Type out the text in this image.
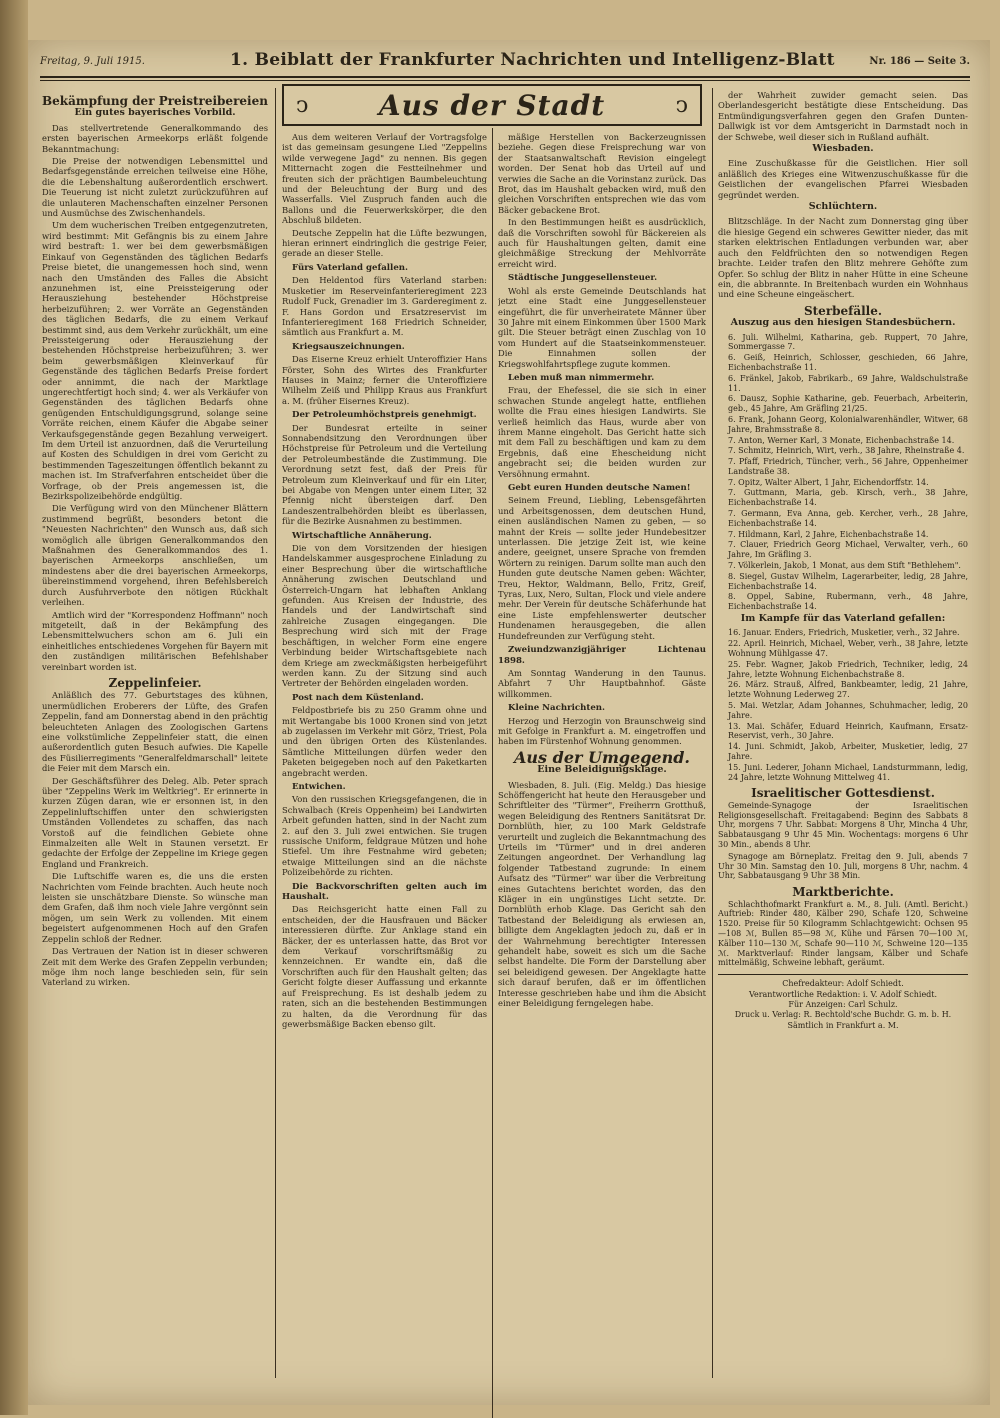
Freitag, 9. Juli 1915.	1. Beiblatt der Frankfurter Nachrichten und Intelligenz-Blatt	Nr. 186 — Seite 3.
ↄ	Aus der Stadt	ↄ
Bekämpfung der Preistreibereien
Ein gutes bayerisches Vorbild.

Das stellvertretende Generalkommando des ersten bayerischen Armeekorps erläßt folgende Bekanntmachung:

Die Preise der notwendigen Lebensmittel und Bedarfsgegenstände erreichen teilweise eine Höhe, die die Lebenshaltung außerordentlich erschwert. Die Teuerung ist nicht zuletzt zurückzuführen auf die unlauteren Machenschaften einzelner Personen und Ausmüchse des Zwischenhandels.

Um dem wucherischen Treiben entgegenzutreten, wird bestimmt: Mit Gefängnis bis zu einem Jahre wird bestraft: 1. wer bei dem gewerbsmäßigen Einkauf von Gegenständen des täglichen Bedarfs Preise bietet, die unangemessen hoch sind, wenn nach den Umständen des Falles die Absicht anzunehmen ist, eine Preissteigerung oder Herausziehung bestehender Höchstpreise herbeizuführen; 2. wer Vorräte an Gegenständen des täglichen Bedarfs, die zu einem Verkauf bestimmt sind, aus dem Verkehr zurückhält, um eine Preissteigerung oder Herausziehung der bestehenden Höchstpreise herbeizuführen; 3. wer beim gewerbsmäßigen Kleinverkauf für Gegenstände des täglichen Bedarfs Preise fordert oder annimmt, die nach der Marktlage ungerechtfertigt hoch sind; 4. wer als Verkäufer von Gegenständen des täglichen Bedarfs ohne genügenden Entschuldigungsgrund, solange seine Vorräte reichen, einem Käufer die Abgabe seiner Verkaufsgegenstände gegen Bezahlung verweigert. Im dem Urteil ist anzuordnen, daß die Verurteilung auf Kosten des Schuldigen in drei vom Gericht zu bestimmenden Tageszeitungen öffentlich bekannt zu machen ist. Im Strafverfahren entscheidet über die Vorfrage, ob der Preis angemessen ist, die Bezirkspolizeibehörde endgültig.

Die Verfügung wird von den Münchener Blättern zustimmend begrüßt, besonders betont die "Neuesten Nachrichten" den Wunsch aus, daß sich womöglich alle übrigen Generalkommandos den Maßnahmen des Generalkommandos des 1. bayerischen Armeekorps anschließen, um mindestens aber die drei bayerischen Armeekorps, übereinstimmend vorgehend, ihren Befehlsbereich durch Ausfuhrverbote den nötigen Rückhalt verleihen.

Amtlich wird der "Korrespondenz Hoffmann" noch mitgeteilt, daß in der Bekämpfung des Lebensmittelwuchers schon am 6. Juli ein einheitliches entschiedenes Vorgehen für Bayern mit den zuständigen militärischen Befehlshaber vereinbart worden ist.

Zeppelinfeier.

Anläßlich des 77. Geburtstages des kühnen, unermüdlichen Eroberers der Lüfte, des Grafen Zeppelin, fand am Donnerstag abend in den prächtig beleuchteten Anlagen des Zoologischen Gartens eine volkstümliche Zeppelinfeier statt, die einen außerordentlich guten Besuch aufwies. Die Kapelle des Füsilierregiments "Generalfeldmarschall" leitete die Feier mit dem Marsch ein.

Der Geschäftsführer des Deleg. Alb. Peter sprach über "Zeppelins Werk im Weltkrieg". Er erinnerte in kurzen Zügen daran, wie er ersonnen ist, in den Zeppelinluftschiffen unter den schwierigsten Umständen Vollendetes zu schaffen, das nach Vorstoß auf die feindlichen Gebiete ohne Einmalzeiten alle Welt in Staunen versetzt. Er gedachte der Erfolge der Zeppeline im Kriege gegen England und Frankreich.

Die Luftschiffe waren es, die uns die ersten Nachrichten vom Feinde brachten. Auch heute noch leisten sie unschätzbare Dienste. So wünsche man dem Grafen, daß ihm noch viele Jahre vergönnt sein mögen, um sein Werk zu vollenden. Mit einem begeistert aufgenommenen Hoch auf den Grafen Zeppelin schloß der Redner.

Das Vertrauen der Nation ist in dieser schweren Zeit mit dem Werke des Grafen Zeppelin verbunden; möge ihm noch lange beschieden sein, für sein Vaterland zu wirken.

Aus dem weiteren Verlauf der Vortragsfolge ist das gemeinsam gesungene Lied "Zeppelins wilde verwegene Jagd" zu nennen. Bis gegen Mitternacht zogen die Festteilnehmer und freuten sich der prächtigen Baumbeleuchtung und der Beleuchtung der Burg und des Wasserfalls. Viel Zuspruch fanden auch die Ballons und die Feuerwerkskörper, die den Abschluß bildeten.

Deutsche Zeppelin hat die Lüfte bezwungen, hieran erinnert eindringlich die gestrige Feier, gerade an dieser Stelle.

Fürs Vaterland gefallen.

Den Heldentod fürs Vaterland starben: Musketier im Reserveinfanterieregiment 223 Rudolf Fuck, Grenadier im 3. Garderegiment z. F. Hans Gordon und Ersatzreservist im Infanterieregiment 168 Friedrich Schneider, sämtlich aus Frankfurt a. M.

Kriegsauszeichnungen.

Das Eiserne Kreuz erhielt Unteroffizier Hans Förster, Sohn des Wirtes des Frankfurter Hauses in Mainz; ferner die Unteroffiziere Wilhelm Zeiß und Philipp Kraus aus Frankfurt a. M. (früher Eisernes Kreuz).

Der Petroleumhöchstpreis genehmigt.

Der Bundesrat erteilte in seiner Sonnabendsitzung den Verordnungen über Höchstpreise für Petroleum und die Verteilung der Petroleumbestände die Zustimmung. Die Verordnung setzt fest, daß der Preis für Petroleum zum Kleinverkauf und für ein Liter, bei Abgabe von Mengen unter einem Liter, 32 Pfennig nicht übersteigen darf. Den Landeszentralbehörden bleibt es überlassen, für die Bezirke Ausnahmen zu bestimmen.

Wirtschaftliche Annäherung.

Die von dem Vorsitzenden der hiesigen Handelskammer ausgesprochene Einladung zu einer Besprechung über die wirtschaftliche Annäherung zwischen Deutschland und Österreich-Ungarn hat lebhaften Anklang gefunden. Aus Kreisen der Industrie, des Handels und der Landwirtschaft sind zahlreiche Zusagen eingegangen. Die Besprechung wird sich mit der Frage beschäftigen, in welcher Form eine engere Verbindung beider Wirtschaftsgebiete nach dem Kriege am zweckmäßigsten herbeigeführt werden kann. Zu der Sitzung sind auch Vertreter der Behörden eingeladen worden.

Post nach dem Küstenland.

Feldpostbriefe bis zu 250 Gramm ohne und mit Wertangabe bis 1000 Kronen sind von jetzt ab zugelassen im Verkehr mit Görz, Triest, Pola und den übrigen Orten des Küstenlandes. Sämtliche Mitteilungen dürfen weder den Paketen beigegeben noch auf den Paketkarten angebracht werden.

Entwichen.

Von den russischen Kriegsgefangenen, die in Schwalbach (Kreis Oppenheim) bei Landwirten Arbeit gefunden hatten, sind in der Nacht zum 2. auf den 3. Juli zwei entwichen. Sie trugen russische Uniform, feldgraue Mützen und hohe Stiefel. Um ihre Festnahme wird gebeten; etwaige Mitteilungen sind an die nächste Polizeibehörde zu richten.

Die Backvorschriften gelten auch im Haushalt.

Das Reichsgericht hatte einen Fall zu entscheiden, der die Hausfrauen und Bäcker interessieren dürfte. Zur Anklage stand ein Bäcker, der es unterlassen hatte, das Brot vor dem Verkauf vorschriftsmäßig zu kennzeichnen. Er wandte ein, daß die Vorschriften auch für den Haushalt gelten; das Gericht folgte dieser Auffassung und erkannte auf Freisprechung. Es ist deshalb jedem zu raten, sich an die bestehenden Bestimmungen zu halten, da die Verordnung für das gewerbsmäßige Backen ebenso gilt.

mäßige Herstellen von Backerzeugnissen beziehe. Gegen diese Freisprechung war von der Staatsanwaltschaft Revision eingelegt worden. Der Senat hob das Urteil auf und verwies die Sache an die Vorinstanz zurück. Das Brot, das im Haushalt gebacken wird, muß den gleichen Vorschriften entsprechen wie das vom Bäcker gebackene Brot.

In den Bestimmungen heißt es ausdrücklich, daß die Vorschriften sowohl für Bäckereien als auch für Haushaltungen gelten, damit eine gleichmäßige Streckung der Mehlvorräte erreicht wird.

Städtische Junggesellensteuer.

Wohl als erste Gemeinde Deutschlands hat jetzt eine Stadt eine Junggesellensteuer eingeführt, die für unverheiratete Männer über 30 Jahre mit einem Einkommen über 1500 Mark gilt. Die Steuer beträgt einen Zuschlag von 10 vom Hundert auf die Staatseinkommensteuer. Die Einnahmen sollen der Kriegswohlfahrtspflege zugute kommen.

Leben muß man nimmermehr.

Frau, der Ehefessel, die sie sich in einer schwachen Stunde angelegt hatte, entfliehen wollte die Frau eines hiesigen Landwirts. Sie verließ heimlich das Haus, wurde aber von ihrem Manne eingeholt. Das Gericht hatte sich mit dem Fall zu beschäftigen und kam zu dem Ergebnis, daß eine Ehescheidung nicht angebracht sei; die beiden wurden zur Versöhnung ermahnt.

Gebt euren Hunden deutsche Namen!

Seinem Freund, Liebling, Lebensgefährten und Arbeitsgenossen, dem deutschen Hund, einen ausländischen Namen zu geben, — so mahnt der Kreis — sollte jeder Hundebesitzer unterlassen. Die jetzige Zeit ist, wie keine andere, geeignet, unsere Sprache von fremden Wörtern zu reinigen. Darum sollte man auch den Hunden gute deutsche Namen geben: Wächter, Treu, Hektor, Waldmann, Bello, Fritz, Greif, Tyras, Lux, Nero, Sultan, Flock und viele andere mehr. Der Verein für deutsche Schäferhunde hat eine Liste empfehlenswerter deutscher Hundenamen herausgegeben, die allen Hundefreunden zur Verfügung steht.

Zweiundzwanzigjähriger Lichtenau 1898.

Am Sonntag Wanderung in den Taunus. Abfahrt 7 Uhr Hauptbahnhof. Gäste willkommen.

Kleine Nachrichten.

Herzog und Herzogin von Braunschweig sind mit Gefolge in Frankfurt a. M. eingetroffen und haben im Fürstenhof Wohnung genommen.

Aus der Umgegend.
Eine Beleidigungsklage.

Wiesbaden, 8. Juli. (Eig. Meldg.) Das hiesige Schöffengericht hat heute den Herausgeber und Schriftleiter des "Türmer", Freiherrn Grotthuß, wegen Beleidigung des Rentners Sanitätsrat Dr. Dornblüth, hier, zu 100 Mark Geldstrafe verurteilt und zugleich die Bekanntmachung des Urteils im "Türmer" und in drei anderen Zeitungen angeordnet. Der Verhandlung lag folgender Tatbestand zugrunde: In einem Aufsatz des "Türmer" war über die Verbreitung eines Gutachtens berichtet worden, das den Kläger in ein ungünstiges Licht setzte. Dr. Dornblüth erhob Klage. Das Gericht sah den Tatbestand der Beleidigung als erwiesen an, billigte dem Angeklagten jedoch zu, daß er in der Wahrnehmung berechtigter Interessen gehandelt habe, soweit es sich um die Sache selbst handelte. Die Form der Darstellung aber sei beleidigend gewesen. Der Angeklagte hatte sich darauf berufen, daß er im öffentlichen Interesse geschrieben habe und ihm die Absicht einer Beleidigung ferngelegen habe.

der Wahrheit zuwider gemacht seien. Das Oberlandesgericht bestätigte diese Entscheidung. Das Entmündigungsverfahren gegen den Grafen Dunten-Dallwigk ist vor dem Amtsgericht in Darmstadt noch in der Schwebe, weil dieser sich in Rußland aufhält.

Wiesbaden.

Eine Zuschußkasse für die Geistlichen. Hier soll anläßlich des Krieges eine Witwenzuschußkasse für die Geistlichen der evangelischen Pfarrei Wiesbaden gegründet werden.

Schlüchtern.

Blitzschläge. In der Nacht zum Donnerstag ging über die hiesige Gegend ein schweres Gewitter nieder, das mit starken elektrischen Entladungen verbunden war, aber auch den Feldfrüchten den so notwendigen Regen brachte. Leider trafen den Blitz mehrere Gehöfte zum Opfer. So schlug der Blitz in naher Hütte in eine Scheune ein, die abbrannte. In Breitenbach wurden ein Wohnhaus und eine Scheune eingeäschert.

Sterbefälle.
Auszug aus den hiesigen Standesbüchern.

6. Juli. Wilhelmi, Katharina, geb. Ruppert, 70 Jahre, Sommergasse 7.

6. Geiß, Heinrich, Schlosser, geschieden, 66 Jahre, Eichenbachstraße 11.

6. Fränkel, Jakob, Fabrikarb., 69 Jahre, Waldschulstraße 11.

6. Dausz, Sophie Katharine, geb. Feuerbach, Arbeiterin, geb., 45 Jahre, Am Gräfling 21/25.

6. Frank, Johann Georg, Kolonialwarenhändler, Witwer, 68 Jahre, Brahmsstraße 8.

7. Anton, Werner Karl, 3 Monate, Eichenbachstraße 14.

7. Schmitz, Heinrich, Wirt, verh., 38 Jahre, Rheinstraße 4.

7. Pfaff, Friedrich, Tüncher, verh., 56 Jahre, Oppenheimer Landstraße 38.

7. Opitz, Walter Albert, 1 Jahr, Eichendorffstr. 14.

7. Guttmann, Maria, geb. Kirsch, verh., 38 Jahre, Eichenbachstraße 14.

7. Germann, Eva Anna, geb. Kercher, verh., 28 Jahre, Eichenbachstraße 14.

7. Hildmann, Karl, 2 Jahre, Eichenbachstraße 14.

7. Clauer, Friedrich Georg Michael, Verwalter, verh., 60 Jahre, Im Gräfling 3.

7. Völkerlein, Jakob, 1 Monat, aus dem Stift "Bethlehem".

8. Siegel, Gustav Wilhelm, Lagerarbeiter, ledig, 28 Jahre, Eichenbachstraße 14.

8. Oppel, Sabine, Rubermann, verh., 48 Jahre, Eichenbachstraße 14.

Im Kampfe für das Vaterland gefallen:

16. Januar. Enders, Friedrich, Musketier, verh., 32 Jahre.

22. April. Heinrich, Michael, Weber, verh., 38 Jahre, letzte Wohnung Mühlgasse 47.

25. Febr. Wagner, Jakob Friedrich, Techniker, ledig, 24 Jahre, letzte Wohnung Eichenbachstraße 8.

26. März. Strauß, Alfred, Bankbeamter, ledig, 21 Jahre, letzte Wohnung Lederweg 27.

5. Mai. Wetzlar, Adam Johannes, Schuhmacher, ledig, 20 Jahre.

13. Mai. Schäfer, Eduard Heinrich, Kaufmann, Ersatz-Reservist, verh., 30 Jahre.

14. Juni. Schmidt, Jakob, Arbeiter, Musketier, ledig, 27 Jahre.

15. Juni. Lederer, Johann Michael, Landsturmmann, ledig, 24 Jahre, letzte Wohnung Mittelweg 41.

Israelitischer Gottesdienst.

Gemeinde-Synagoge der Israelitischen Religionsgesellschaft. Freitagabend: Beginn des Sabbats 8 Uhr, morgens 7 Uhr. Sabbat: Morgens 8 Uhr, Mincha 4 Uhr, Sabbatausgang 9 Uhr 45 Min. Wochentags: morgens 6 Uhr 30 Min., abends 8 Uhr.

Synagoge am Börneplatz. Freitag den 9. Juli, abends 7 Uhr 30 Min. Samstag den 10. Juli, morgens 8 Uhr, nachm. 4 Uhr, Sabbatausgang 9 Uhr 38 Min.

Marktberichte.

Schlachthofmarkt Frankfurt a. M., 8. Juli. (Amtl. Bericht.) Auftrieb: Rinder 480, Kälber 290, Schafe 120, Schweine 1520. Preise für 50 Kilogramm Schlachtgewicht: Ochsen 95—108 ℳ, Bullen 85—98 ℳ, Kühe und Färsen 70—100 ℳ, Kälber 110—130 ℳ, Schafe 90—110 ℳ, Schweine 120—135 ℳ. Marktverlauf: Rinder langsam, Kälber und Schafe mittelmäßig, Schweine lebhaft, geräumt.

Chefredakteur: Adolf Schiedt.
Verantwortliche Redaktion: i. V. Adolf Schiedt.
Für Anzeigen: Carl Schulz.
Druck u. Verlag: R. Bechtold'sche Buchdr. G. m. b. H.
Sämtlich in Frankfurt a. M.
